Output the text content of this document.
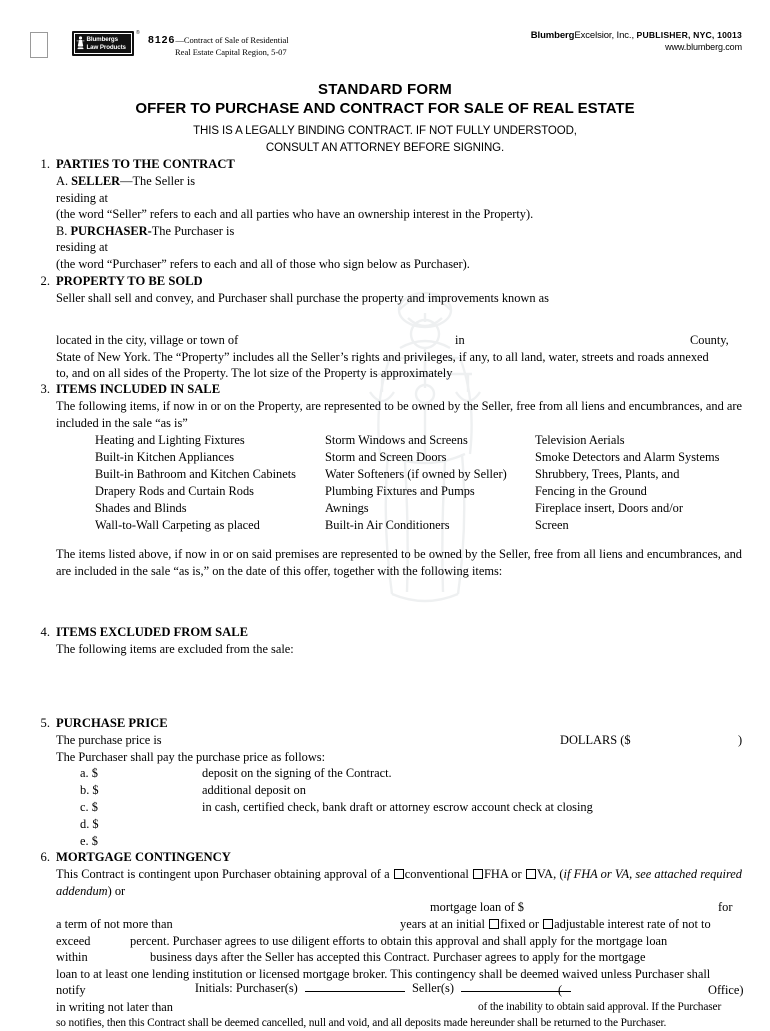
Blumbergs
Law Products
®
8126—Contract of Sale of Residential
Real Estate Capital Region, 5-07
BlumbergExcelsior, Inc., PUBLISHER, NYC, 10013
www.blumberg.com
STANDARD FORM
OFFER TO PURCHASE AND CONTRACT FOR SALE OF REAL ESTATE
THIS IS A LEGALLY BINDING CONTRACT. IF NOT FULLY UNDERSTOOD,
CONSULT AN ATTORNEY BEFORE SIGNING.
1. PARTIES TO THE CONTRACT
A. SELLER—The Seller is
residing at
(the word “Seller” refers to each and all parties who have an ownership interest in the Property).
B. PURCHASER-The Purchaser is
residing at
(the word “Purchaser” refers to each and all of those who sign below as Purchaser).
2. PROPERTY TO BE SOLD
Seller shall sell and convey, and Purchaser shall purchase the property and improvements known as
located in the city, village or town of	in	County,
State of New York. The “Property” includes all the Seller’s rights and privileges, if any, to all land, water, streets and roads annexed
to, and on all sides of the Property. The lot size of the Property is approximately
3. ITEMS INCLUDED IN SALE
The following items, if now in or on the Property, are represented to be owned by the Seller, free from all liens and encumbrances, and are included in the sale “as is”
Heating and Lighting Fixtures	Storm Windows and Screens	Television Aerials
Built-in Kitchen Appliances	Storm and Screen Doors	Smoke Detectors and Alarm Systems
Built-in Bathroom and Kitchen Cabinets	Water Softeners (if owned by Seller)	Shrubbery, Trees, Plants, and
Drapery Rods and Curtain Rods	Plumbing Fixtures and Pumps	Fencing in the Ground
Shades and Blinds	Awnings	Fireplace insert, Doors and/or
Wall-to-Wall Carpeting as placed	Built-in Air Conditioners	Screen
The items listed above, if now in or on said premises are represented to be owned by the Seller, free from all liens and encumbrances, and are included in the sale “as is,” on the date of this offer, together with the following items:
4. ITEMS EXCLUDED FROM SALE
The following items are excluded from the sale:
5. PURCHASE PRICE
The purchase price is	DOLLARS ($	)
The Purchaser shall pay the purchase price as follows:
a. $	deposit on the signing of the Contract.
b. $	additional deposit on
c. $	in cash, certified check, bank draft or attorney escrow account check at closing
d. $
e. $
6. MORTGAGE CONTINGENCY
This Contract is contingent upon Purchaser obtaining approval of a conventional FHA or VA, (if FHA or VA, see attached required addendum) or
mortgage loan of $	for

a term of not more than	years at an initial fixed or adjustable interest rate of not to
exceed	percent. Purchaser agrees to use diligent efforts to obtain this approval and shall apply for the mortgage loan
within	business days after the Seller has accepted this Contract. Purchaser agrees to apply for the mortgage
loan to at least one lending institution or licensed mortgage broker. This contingency shall be deemed waived unless Purchaser shall
notify	(	Office)
in writing not later than	of the inability to obtain said approval. If the Purchaser
so notifies, then this Contract shall be deemed cancelled, null and void, and all deposits made hereunder shall be returned to the Purchaser.
Initials: Purchaser(s)	Seller(s)
